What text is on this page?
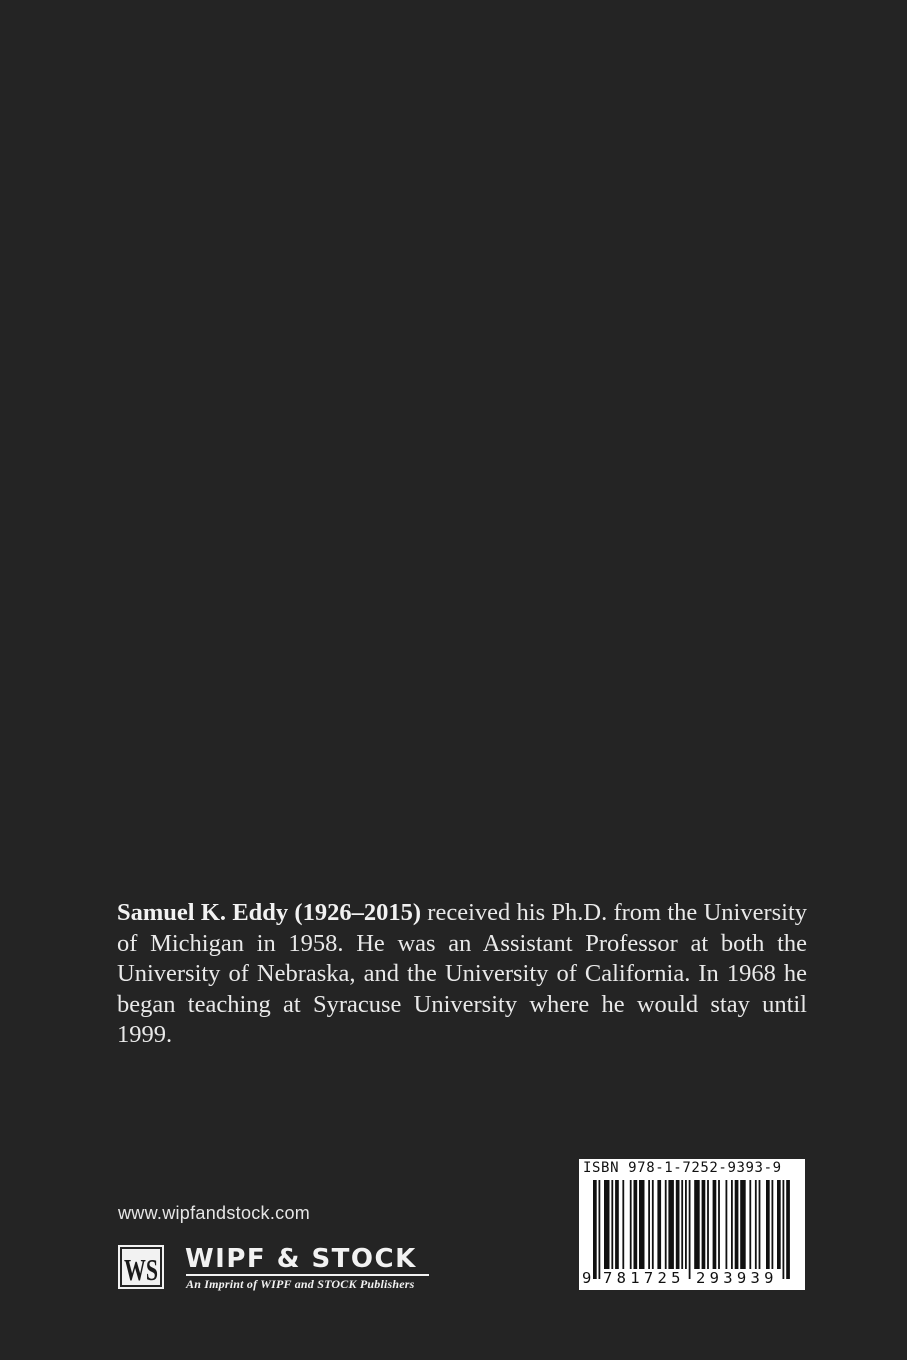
Samuel K. Eddy (1926–2015) received his Ph.D. from the University of Michigan in 1958. He was an Assistant Professor at both the University of Nebraska, and the University of California. In 1968 he began teaching at Syracuse University where he would stay until 1999.

www.wipfandstock.com
WS WIPF & STOCK
An Imprint of WIPF and STOCK Publishers
ISBN 978-1-7252-9393-9
9 781725 293939
